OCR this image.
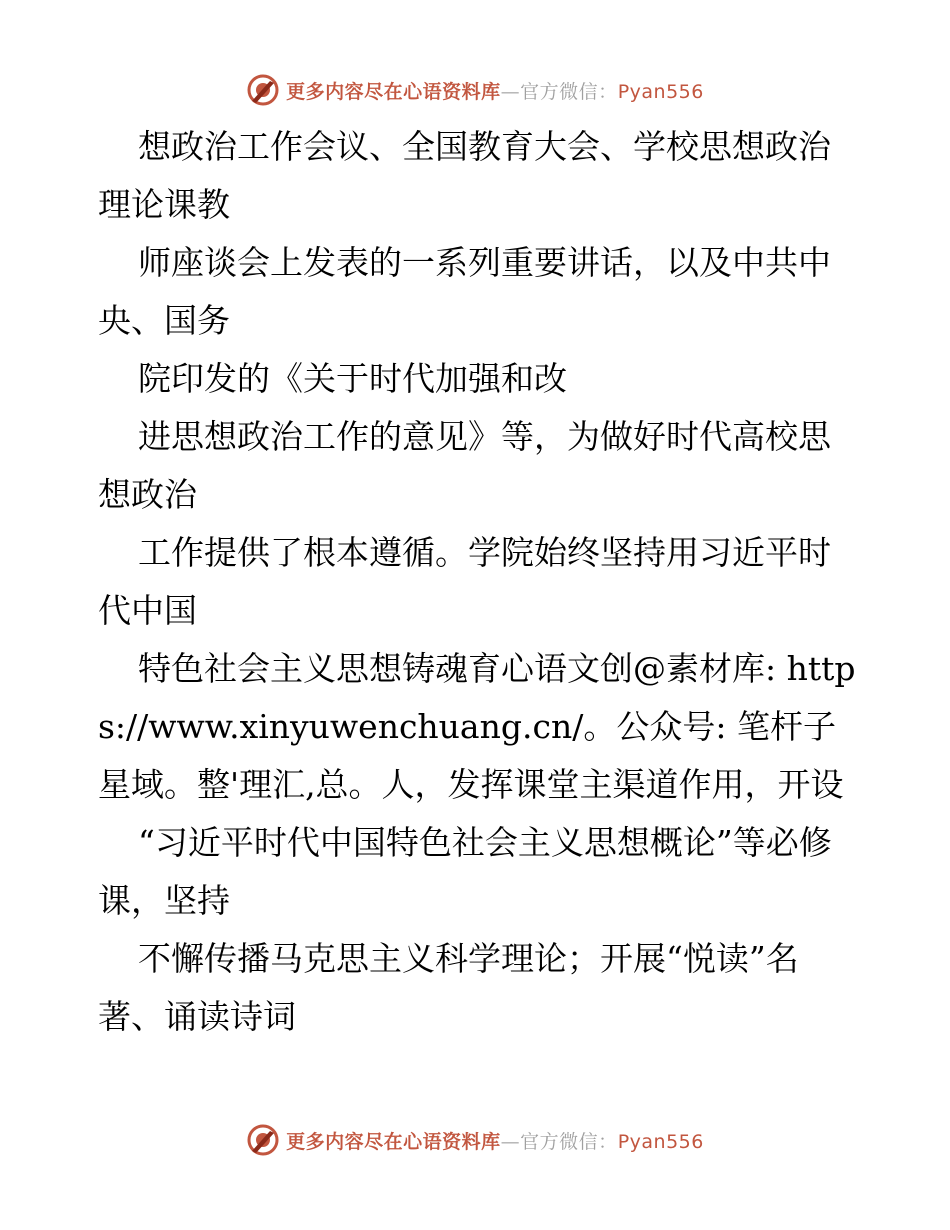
更多内容尽在心语资料库—官方微信：Pyan556

想政治工作会议、全国教育大会、学校思想政治理论课教

师座谈会上发表的一系列重要讲话，以及中共中央、国务

院印发的《关于时代加强和改

进思想政治工作的意见》等，为做好时代高校思想政治

工作提供了根本遵循。学院始终坚持用习近平时代中国

特色社会主义思想铸魂育心语文创@素材库: https://www.xinyuwenchuang.cn/。公众号: 笔杆子星域。整'理汇,总。人，发挥课堂主渠道作用，开设

“习近平时代中国特色社会主义思想概论”等必修课，坚持

不懈传播马克思主义科学理论；开展“悦读”名著、诵读诗词

更多内容尽在心语资料库—官方微信：Pyan556
